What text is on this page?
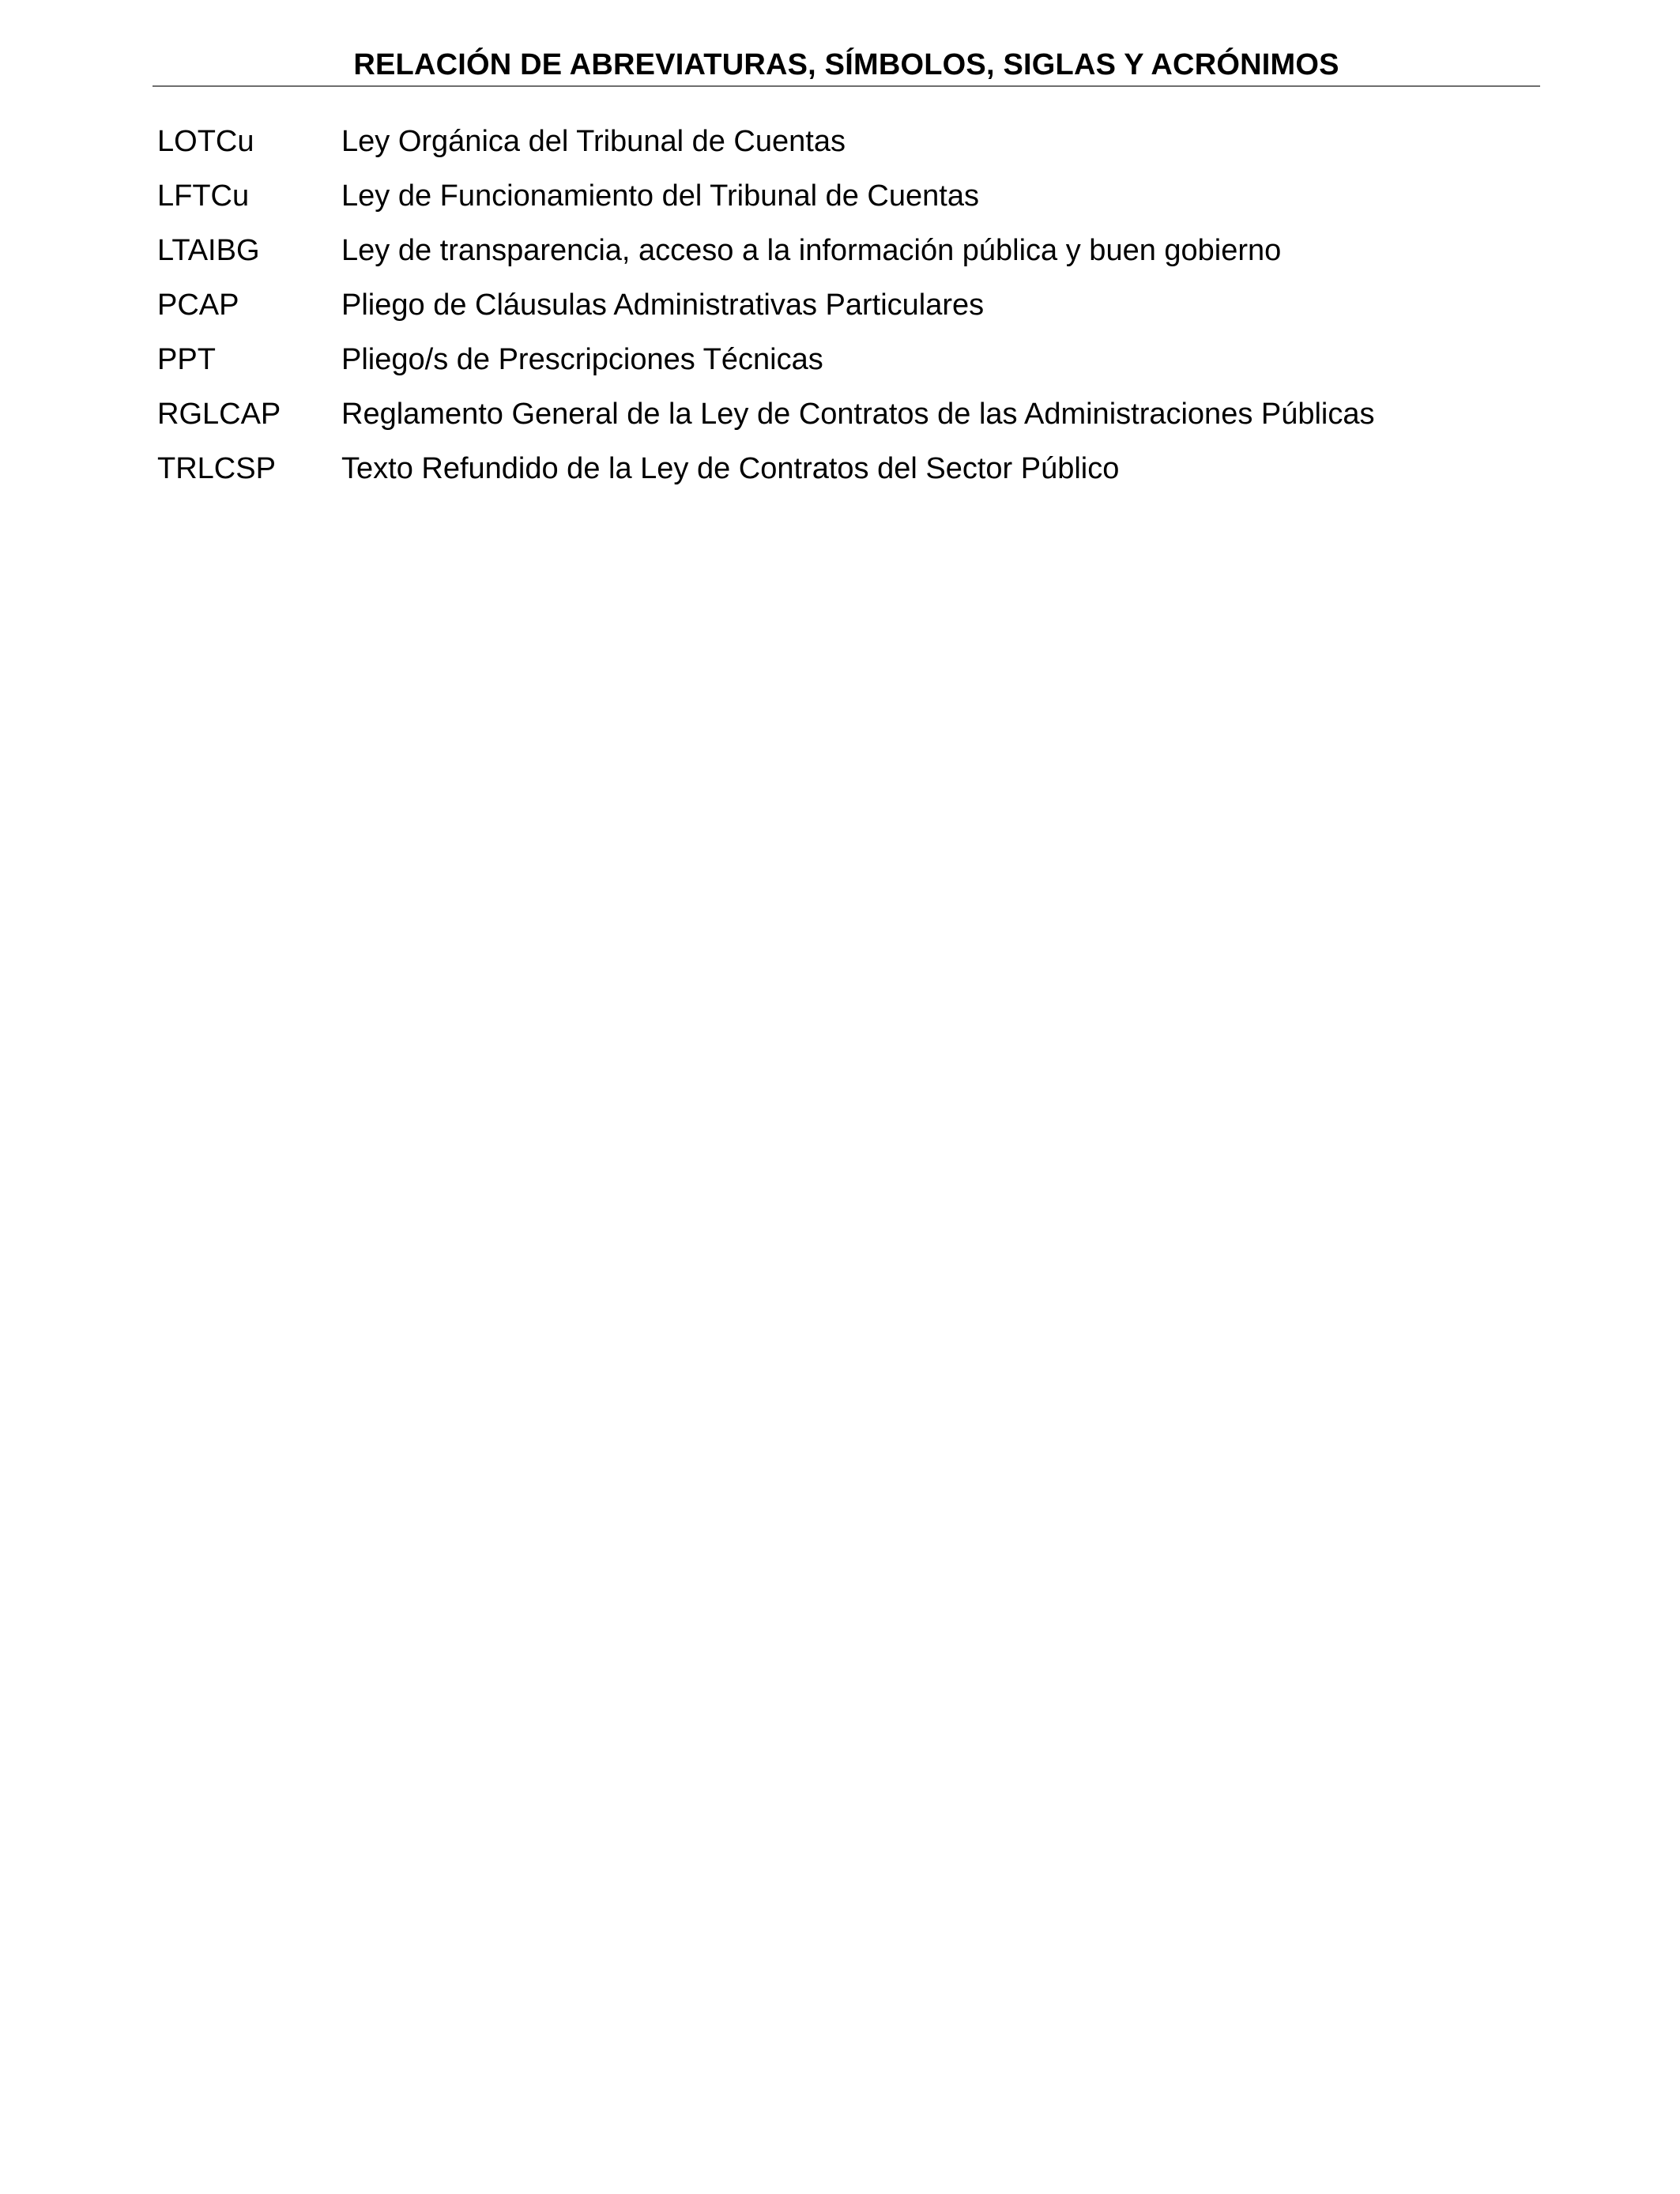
RELACIÓN DE ABREVIATURAS, SÍMBOLOS, SIGLAS Y ACRÓNIMOS
LOTCu	Ley Orgánica del Tribunal de Cuentas
LFTCu	Ley de Funcionamiento del Tribunal de Cuentas
LTAIBG	Ley de transparencia, acceso a la información pública y buen gobierno
PCAP	Pliego de Cláusulas Administrativas Particulares
PPT	Pliego/s de Prescripciones Técnicas
RGLCAP	Reglamento General de la Ley de Contratos de las Administraciones Públicas
TRLCSP	Texto Refundido de la Ley de Contratos del Sector Público
